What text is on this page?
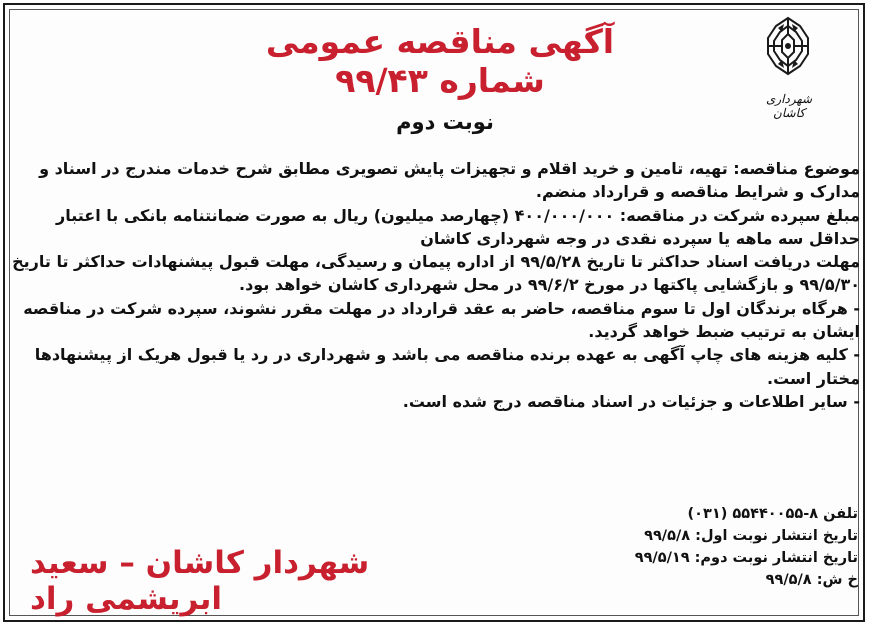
شهرداری کاشان
آگهی مناقصه عمومی شماره ۹۹/۴۳
نوبت دوم

موضوع مناقصه: تهیه، تامین و خرید اقلام و تجهیزات پایش تصویری مطابق شرح خدمات مندرج در اسناد و مدارک و شرایط مناقصه و قرارداد منضم.

مبلغ سپرده شرکت در مناقصه: ۴۰۰/۰۰۰/۰۰۰ (چهارصد میلیون) ریال به صورت ضمانتنامه بانکی با اعتبار حداقل سه ماهه یا سپرده نقدی در وجه شهرداری کاشان

مهلت دریافت اسناد حداکثر تا تاریخ ۹۹/۵/۲۸ از اداره پیمان و رسیدگی، مهلت قبول پیشنهادات حداکثر تا تاریخ ۹۹/۵/۳۰ و بازگشایی پاکتها در مورخ ۹۹/۶/۲ در محل شهرداری کاشان خواهد بود.

- هرگاه برندگان اول تا سوم مناقصه، حاضر به عقد قرارداد در مهلت مقرر نشوند، سپرده شرکت در مناقصه ایشان به ترتیب ضبط خواهد گردید.

- کلیه هزینه های چاپ آگهی به عهده برنده مناقصه می باشد و شهرداری در رد یا قبول هریک از پیشنهادها مختار است.

- سایر اطلاعات و جزئیات در اسناد مناقصه درج شده است.

تلفن ۸-۵۵۴۴۰۰۵۵ (۰۳۱)
تاریخ انتشار نوبت اول: ۹۹/۵/۸
تاریخ انتشار نوبت دوم: ۹۹/۵/۱۹
خ ش: ۹۹/۵/۸
شهردار کاشان – سعید ابریشمی راد
